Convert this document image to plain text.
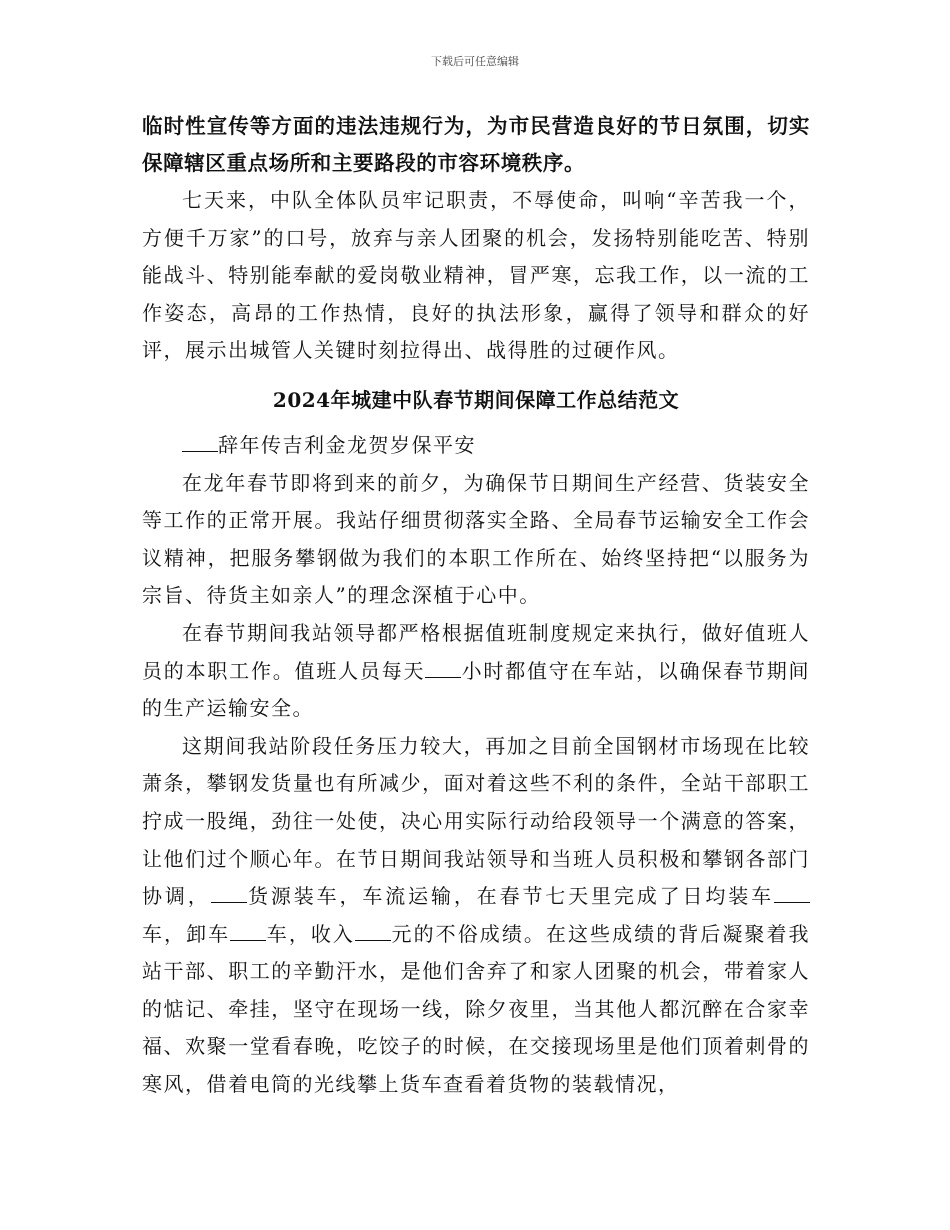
下载后可任意编辑

临时性宣传等方面的违法违规行为，为市民营造良好的节日氛围，切实保障辖区重点场所和主要路段的市容环境秩序。

七天来，中队全体队员牢记职责，不辱使命，叫响“辛苦我一个，方便千万家”的口号，放弃与亲人团聚的机会，发扬特别能吃苦、特别能战斗、特别能奉献的爱岗敬业精神，冒严寒，忘我工作，以一流的工作姿态，高昂的工作热情，良好的执法形象，赢得了领导和群众的好评，展示出城管人关键时刻拉得出、战得胜的过硬作风。

2024年城建中队春节期间保障工作总结范文

辞年传吉利金龙贺岁保平安

在龙年春节即将到来的前夕，为确保节日期间生产经营、货装安全等工作的正常开展。我站仔细贯彻落实全路、全局春节运输安全工作会议精神，把服务攀钢做为我们的本职工作所在、始终坚持把“以服务为宗旨、待货主如亲人”的理念深植于心中。

在春节期间我站领导都严格根据值班制度规定来执行，做好值班人员的本职工作。值班人员每天 小时都值守在车站，以确保春节期间的生产运输安全。

这期间我站阶段任务压力较大，再加之目前全国钢材市场现在比较萧条，攀钢发货量也有所减少，面对着这些不利的条件，全站干部职工拧成一股绳，劲往一处使，决心用实际行动给段领导一个满意的答案，让他们过个顺心年。在节日期间我站领导和当班人员积极和攀钢各部门协调， 货源装车，车流运输，在春节七天里完成了日均装车车，卸车 车，收入 元的不俗成绩。在这些成绩的背后凝聚着我站干部、职工的辛勤汗水，是他们舍弃了和家人团聚的机会，带着家人的惦记、牵挂，坚守在现场一线，除夕夜里，当其他人都沉醉在合家幸福、欢聚一堂看春晚，吃饺子的时候，在交接现场里是他们顶着刺骨的寒风，借着电筒的光线攀上货车查看着货物的装载情况，
